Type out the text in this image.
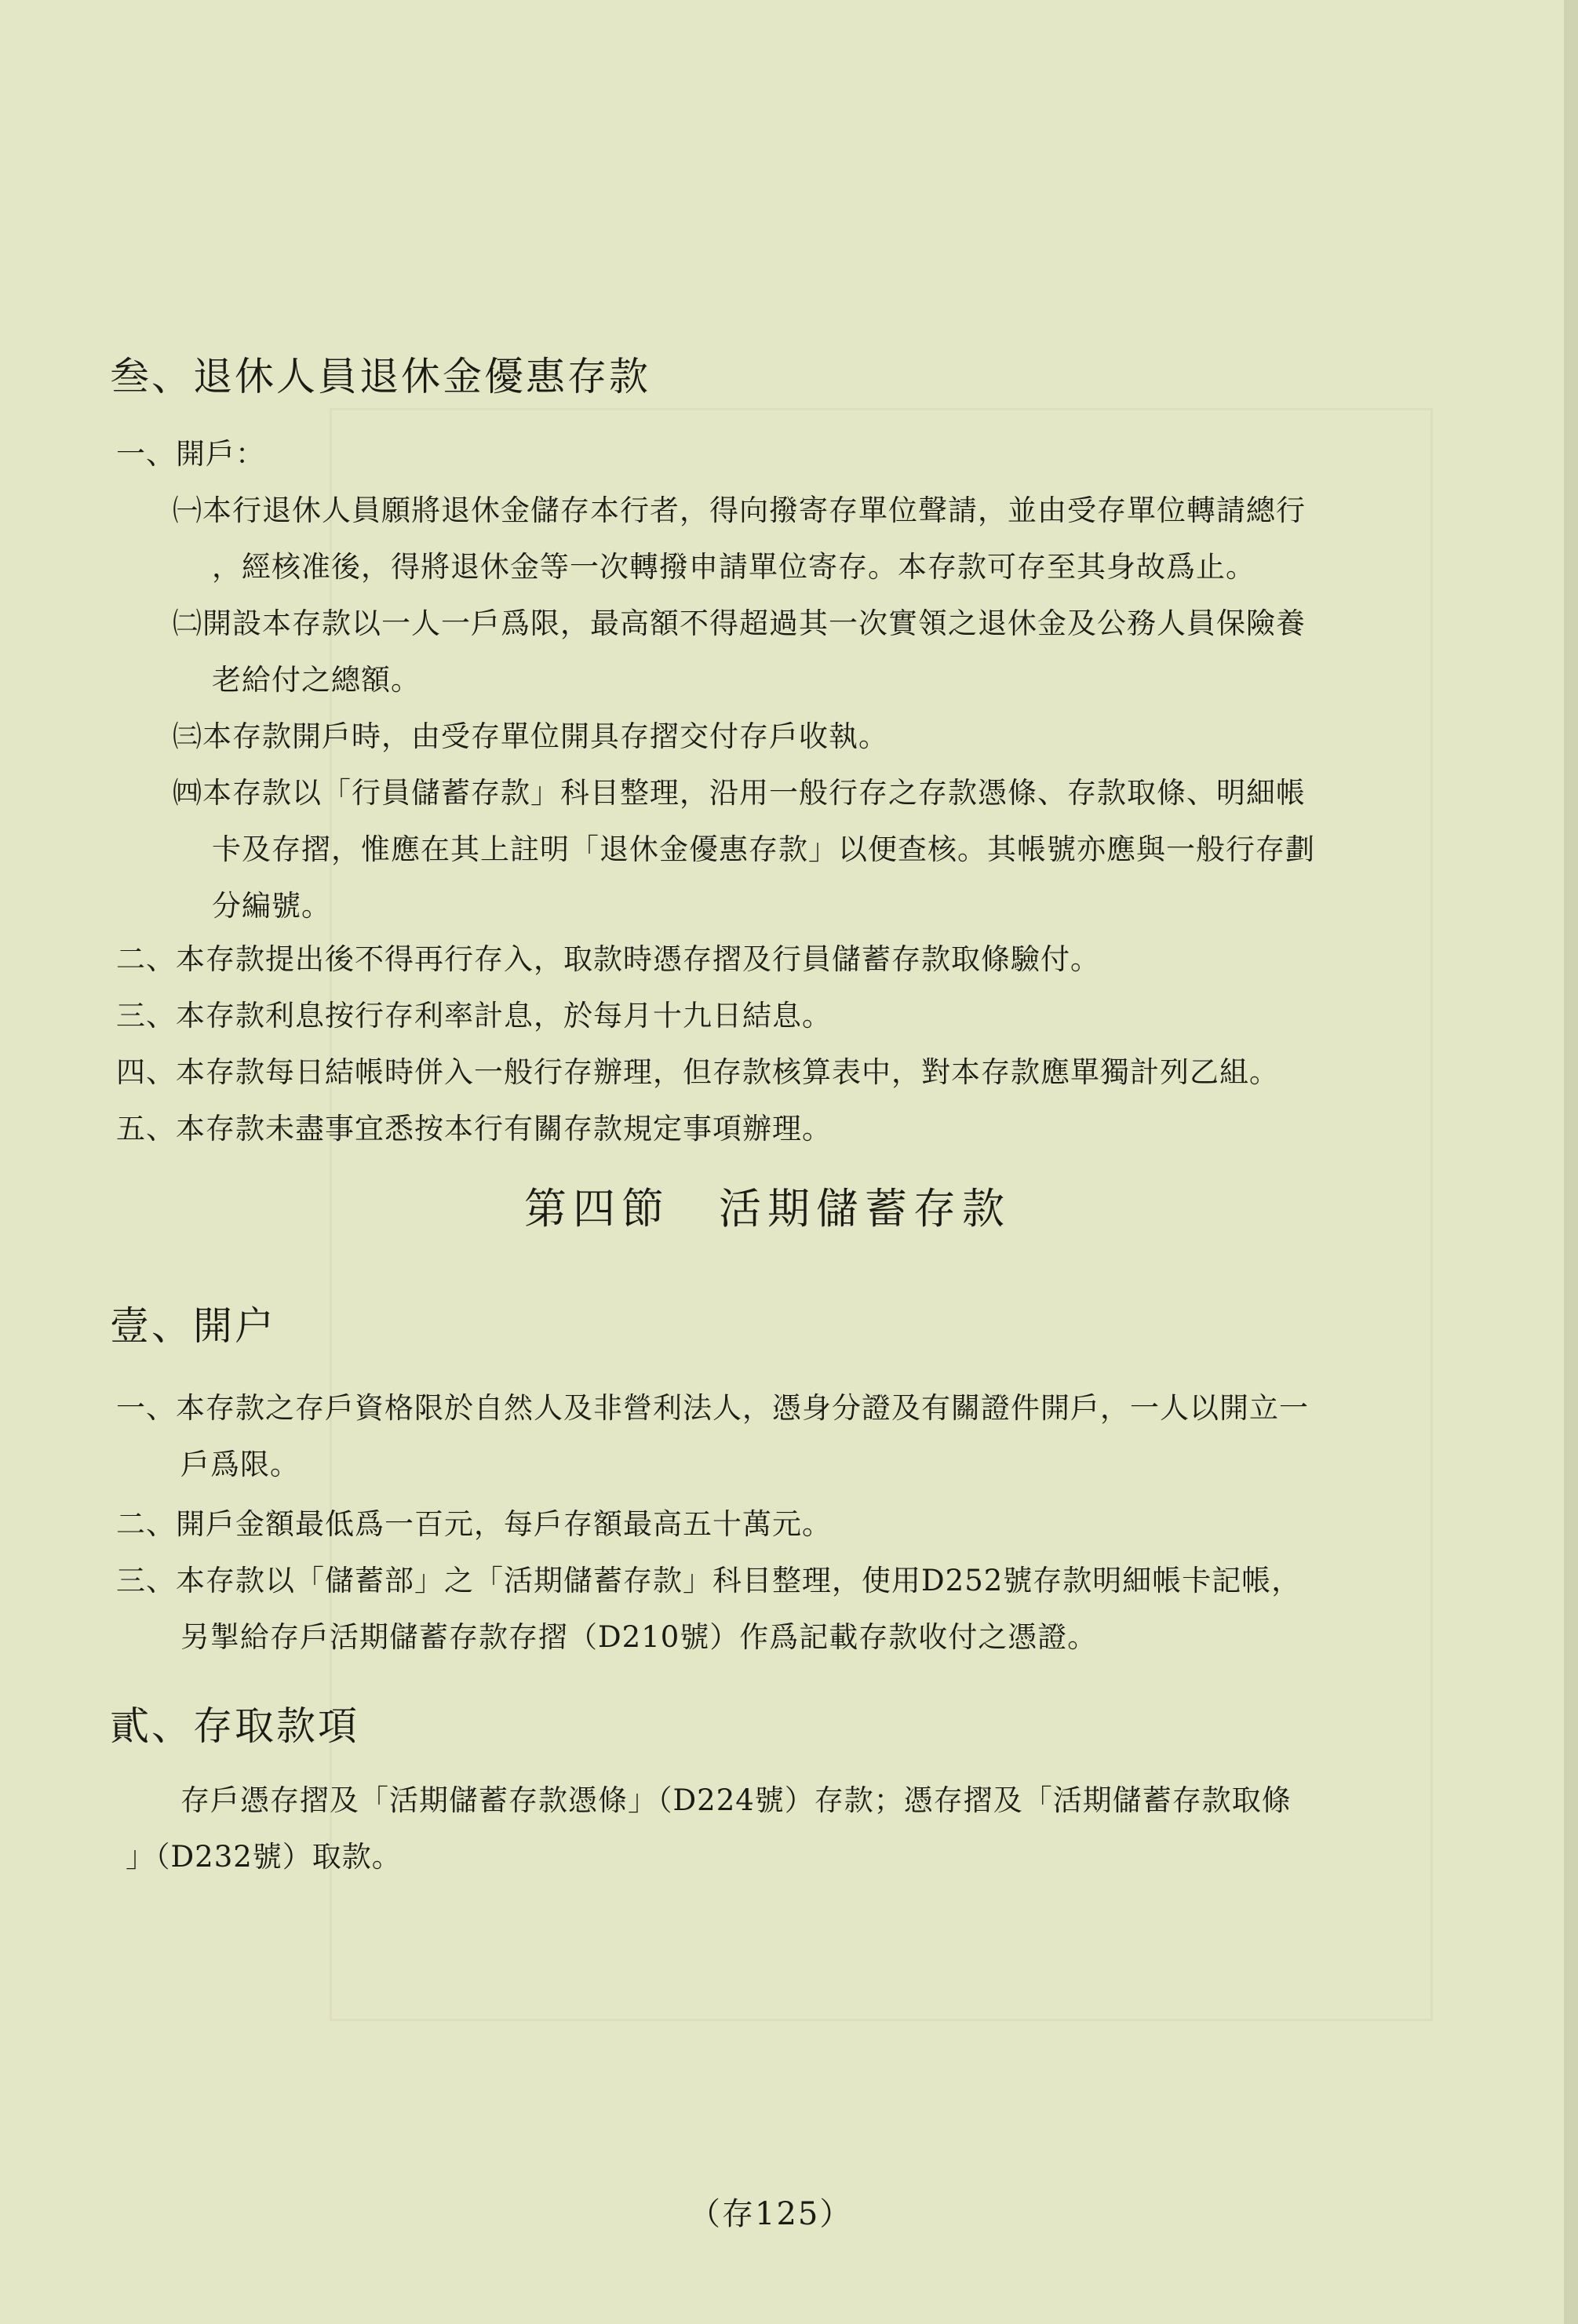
叁、退休人員退休金優惠存款
一、開戶：
㈠本行退休人員願將退休金儲存本行者，得向撥寄存單位聲請，並由受存單位轉請總行
，經核准後，得將退休金等一次轉撥申請單位寄存。本存款可存至其身故爲止。
㈡開設本存款以一人一戶爲限，最高額不得超過其一次實領之退休金及公務人員保險養
老給付之總額。
㈢本存款開戶時，由受存單位開具存摺交付存戶收執。
㈣本存款以「行員儲蓄存款」科目整理，沿用一般行存之存款憑條、存款取條、明細帳
卡及存摺，惟應在其上註明「退休金優惠存款」以便查核。其帳號亦應與一般行存劃
分編號。
二、本存款提出後不得再行存入，取款時憑存摺及行員儲蓄存款取條驗付。
三、本存款利息按行存利率計息，於每月十九日結息。
四、本存款每日結帳時併入一般行存辦理，但存款核算表中，對本存款應單獨計列乙組。
五、本存款未盡事宜悉按本行有關存款規定事項辦理。
第四節　活期儲蓄存款
壹、開户
一、本存款之存戶資格限於自然人及非營利法人，憑身分證及有關證件開戶，一人以開立一
戶爲限。
二、開戶金額最低爲一百元，每戶存額最高五十萬元。
三、本存款以「儲蓄部」之「活期儲蓄存款」科目整理，使用D252號存款明細帳卡記帳，
另掣給存戶活期儲蓄存款存摺（D210號）作爲記載存款收付之憑證。
貳、存取款項
存戶憑存摺及「活期儲蓄存款憑條」（D224號）存款；憑存摺及「活期儲蓄存款取條
」（D232號）取款。
（存125）
